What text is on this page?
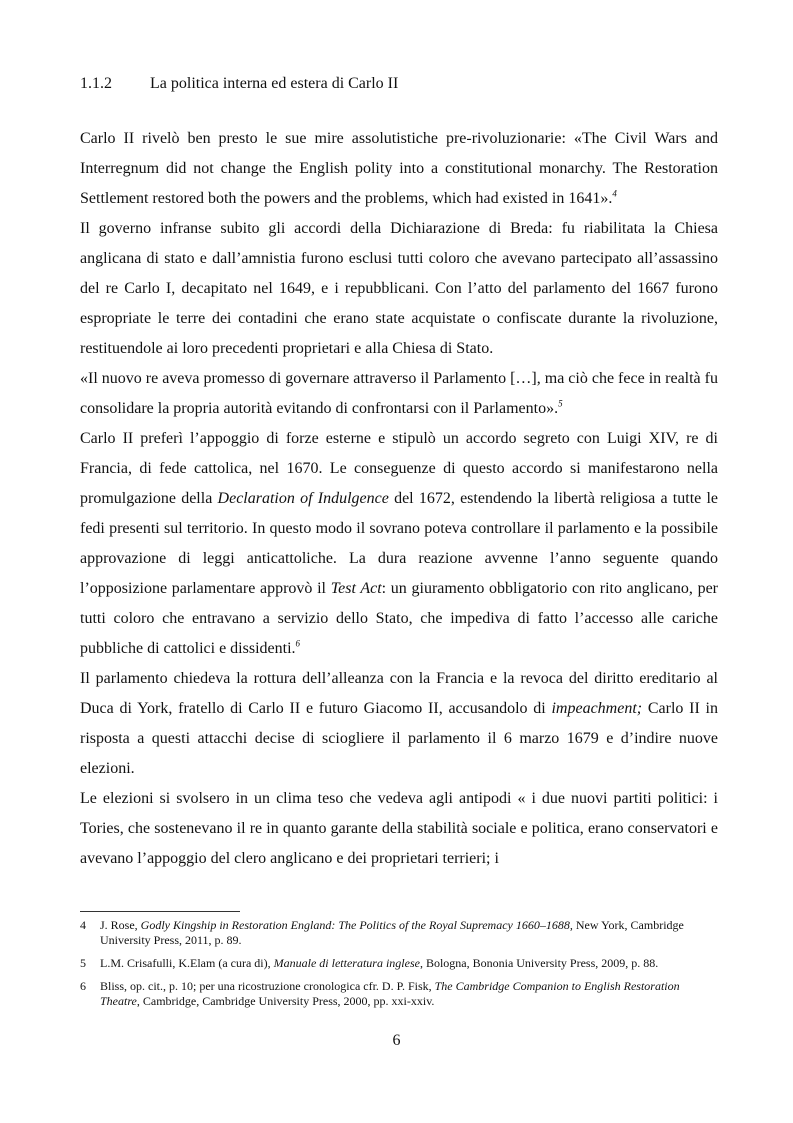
1.1.2 La politica interna ed estera di Carlo II

Carlo II rivelò ben presto le sue mire assolutistiche pre-rivoluzionarie: «The Civil Wars and Interregnum did not change the English polity into a constitutional monarchy. The Restoration Settlement restored both the powers and the problems, which had existed in 1641».$^4$

Il governo infranse subito gli accordi della Dichiarazione di Breda: fu riabilitata la Chiesa anglicana di stato e dall’amnistia furono esclusi tutti coloro che avevano partecipato all’assassino del re Carlo I, decapitato nel 1649, e i repubblicani. Con l’atto del parlamento del 1667 furono espropriate le terre dei contadini che erano state acquistate o confiscate durante la rivoluzione, restituendole ai loro precedenti proprietari e alla Chiesa di Stato.

«Il nuovo re aveva promesso di governare attraverso il Parlamento […], ma ciò che fece in realtà fu consolidare la propria autorità evitando di confrontarsi con il Parlamento».$^5$

Carlo II preferì l’appoggio di forze esterne e stipulò un accordo segreto con Luigi XIV, re di Francia, di fede cattolica, nel 1670. Le conseguenze di questo accordo si manifestarono nella promulgazione della Declaration of Indulgence del 1672, estendendo la libertà religiosa a tutte le fedi presenti sul territorio. In questo modo il sovrano poteva controllare il parlamento e la possibile approvazione di leggi anticattoliche. La dura reazione avvenne l’anno seguente quando l’opposizione parlamentare approvò il Test Act: un giuramento obbligatorio con rito anglicano, per tutti coloro che entravano a servizio dello Stato, che impediva di fatto l’accesso alle cariche pubbliche di cattolici e dissidenti.$^6$

Il parlamento chiedeva la rottura dell’alleanza con la Francia e la revoca del diritto ereditario al Duca di York, fratello di Carlo II e futuro Giacomo II, accusandolo di impeachment; Carlo II in risposta a questi attacchi decise di sciogliere il parlamento il 6 marzo 1679 e d’indire nuove elezioni.

Le elezioni si svolsero in un clima teso che vedeva agli antipodi « i due nuovi partiti politici: i Tories, che sostenevano il re in quanto garante della stabilità sociale e politica, erano conservatori e avevano l’appoggio del clero anglicano e dei proprietari terrieri; i

4	J. Rose, Godly Kingship in Restoration England: The Politics of the Royal Supremacy 1660–1688, New York, Cambridge University Press, 2011, p. 89.
5	L.M. Crisafulli, K.Elam (a cura di), Manuale di letteratura inglese, Bologna, Bononia University Press, 2009, p. 88.
6	Bliss, op. cit., p. 10; per una ricostruzione cronologica cfr. D. P. Fisk, The Cambridge Companion to English Restoration Theatre, Cambridge, Cambridge University Press, 2000, pp. xxi-xxiv.
6
